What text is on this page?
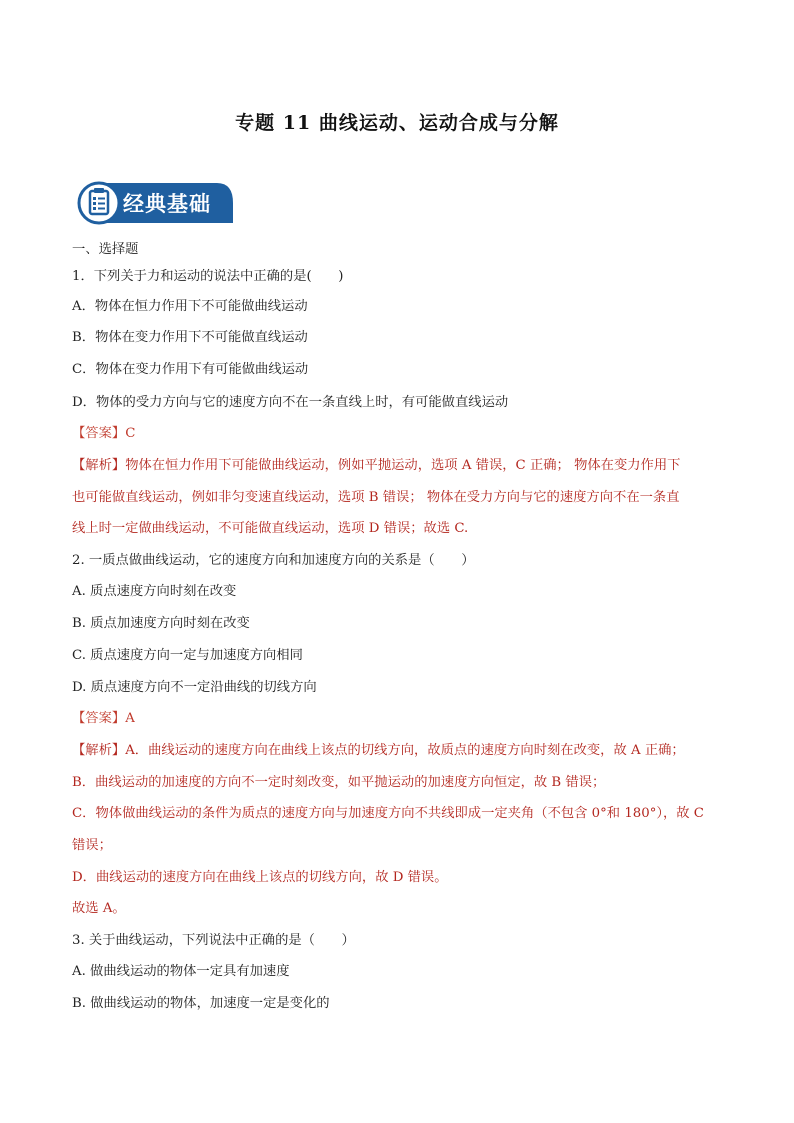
专题 11 曲线运动、运动合成与分解
经典基础
一、选择题
1．下列关于力和运动的说法中正确的是(　　)
A．物体在恒力作用下不可能做曲线运动
B．物体在变力作用下不可能做直线运动
C．物体在变力作用下有可能做曲线运动
D．物体的受力方向与它的速度方向不在一条直线上时，有可能做直线运动
【答案】C
【解析】物体在恒力作用下可能做曲线运动，例如平抛运动，选项 A 错误，C 正确； 物体在变力作用下
也可能做直线运动，例如非匀变速直线运动，选项 B 错误； 物体在受力方向与它的速度方向不在一条直
线上时一定做曲线运动，不可能做直线运动，选项 D 错误；故选 C.
2. 一质点做曲线运动，它的速度方向和加速度方向的关系是（　　）
A. 质点速度方向时刻在改变
B. 质点加速度方向时刻在改变
C. 质点速度方向一定与加速度方向相同
D. 质点速度方向不一定沿曲线的切线方向
【答案】A
【解析】A．曲线运动的速度方向在曲线上该点的切线方向，故质点的速度方向时刻在改变，故 A 正确；
B．曲线运动的加速度的方向不一定时刻改变，如平抛运动的加速度方向恒定，故 B 错误；
C．物体做曲线运动的条件为质点的速度方向与加速度方向不共线即成一定夹角（不包含 0°和 180°），故 C
错误；
D．曲线运动的速度方向在曲线上该点的切线方向，故 D 错误。
故选 A。
3. 关于曲线运动，下列说法中正确的是（　　）
A. 做曲线运动的物体一定具有加速度
B. 做曲线运动的物体，加速度一定是变化的
